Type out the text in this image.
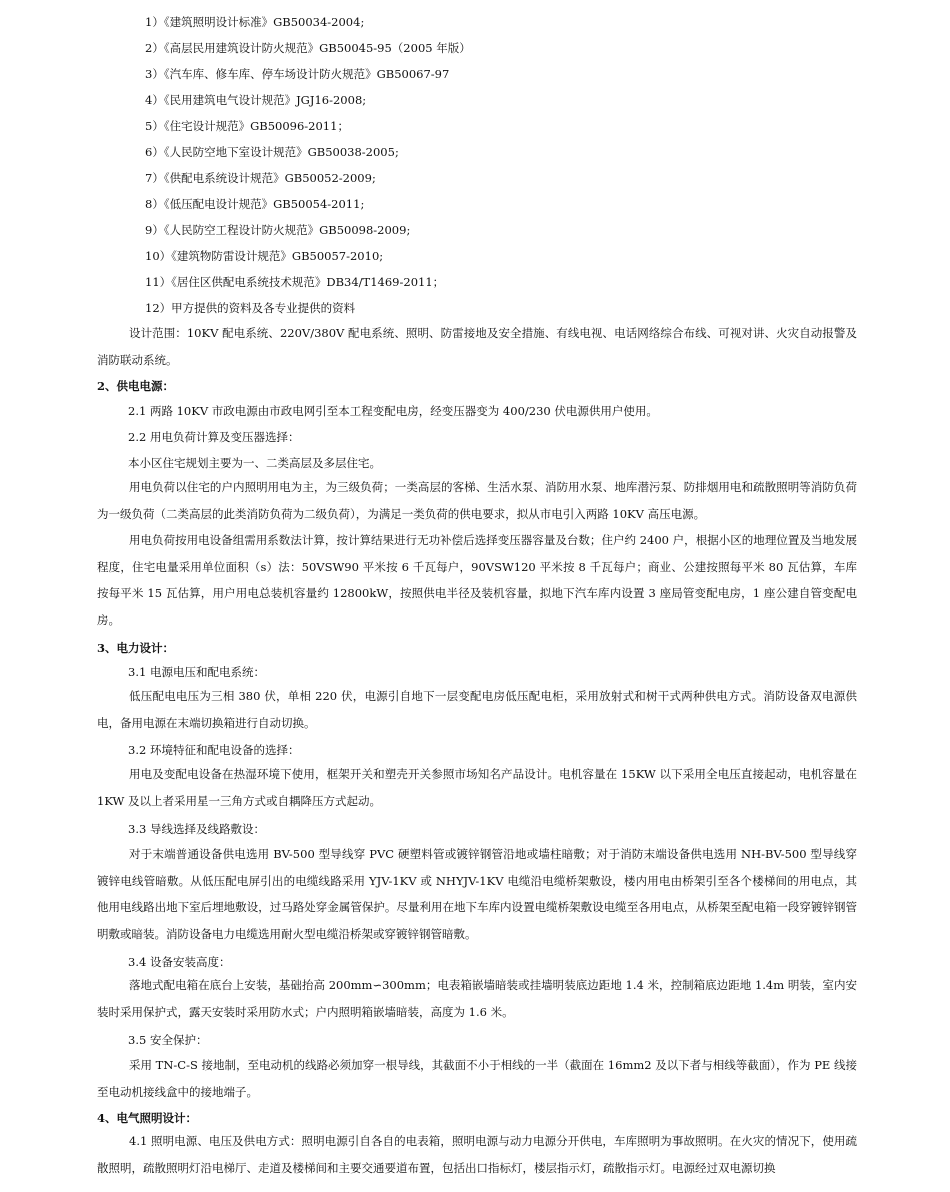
1）《建筑照明设计标准》GB50034-2004;
2）《高层民用建筑设计防火规范》GB50045-95（2005 年版）
3）《汽车库、修车库、停车场设计防火规范》GB50067-97
4）《民用建筑电气设计规范》JGJ16-2008;
5）《住宅设计规范》GB50096-2011；
6）《人民防空地下室设计规范》GB50038-2005;
7）《供配电系统设计规范》GB50052-2009;
8）《低压配电设计规范》GB50054-2011;
9）《人民防空工程设计防火规范》GB50098-2009;
10）《建筑物防雷设计规范》GB50057-2010;
11）《居住区供配电系统技术规范》DB34/T1469-2011；
12）甲方提供的资料及各专业提供的资料
设计范围：10KV 配电系统、220V/380V 配电系统、照明、防雷接地及安全措施、有线电视、电话网络综合布线、可视对讲、火灾自动报警及消防联动系统。
2、供电电源：
2.1 两路 10KV 市政电源由市政电网引至本工程变配电房，经变压器变为 400/230 伏电源供用户使用。
2.2 用电负荷计算及变压器选择：
本小区住宅规划主要为一、二类高层及多层住宅。
用电负荷以住宅的户内照明用电为主，为三级负荷；一类高层的客梯、生活水泵、消防用水泵、地库潜污泵、防排烟用电和疏散照明等消防负荷为一级负荷（二类高层的此类消防负荷为二级负荷），为满足一类负荷的供电要求，拟从市电引入两路 10KV 高压电源。
用电负荷按用电设备组需用系数法计算，按计算结果进行无功补偿后选择变压器容量及台数；住户约 2400 户，根据小区的地理位置及当地发展程度，住宅电量采用单位面积（s）法：50VSW90 平米按 6 千瓦每户，90VSW120 平米按 8 千瓦每户；商业、公建按照每平米 80 瓦估算，车库按每平米 15 瓦估算，用户用电总装机容量约 12800kW，按照供电半径及装机容量，拟地下汽车库内设置 3 座局管变配电房，1 座公建自管变配电房。
3、电力设计：
3.1 电源电压和配电系统：
低压配电电压为三相 380 伏，单相 220 伏，电源引自地下一层变配电房低压配电柜，采用放射式和树干式两种供电方式。消防设备双电源供电，备用电源在末端切换箱进行自动切换。
3.2 环境特征和配电设备的选择：
用电及变配电设备在热湿环境下使用，框架开关和塑壳开关参照市场知名产品设计。电机容量在 15KW 以下采用全电压直接起动，电机容量在 1KW 及以上者采用星一三角方式或自耦降压方式起动。
3.3 导线选择及线路敷设：
对于末端普通设备供电选用 BV-500 型导线穿 PVC 硬塑料管或镀锌钢管沿地或墙柱暗敷；对于消防末端设备供电选用 NH-BV-500 型导线穿镀锌电线管暗敷。从低压配电屏引出的电缆线路采用 YJV-1KV 或 NHYJV-1KV 电缆沿电缆桥架敷设，楼内用电由桥架引至各个楼梯间的用电点，其他用电线路出地下室后埋地敷设，过马路处穿金属管保护。尽量利用在地下车库内设置电缆桥架敷设电缆至各用电点，从桥架至配电箱一段穿镀锌钢管明敷或暗装。消防设备电力电缆选用耐火型电缆沿桥架或穿镀锌钢管暗敷。
3.4 设备安装高度：
落地式配电箱在底台上安装，基础抬高 200mm∽300mm；电表箱嵌墙暗装或挂墙明装底边距地 1.4 米，控制箱底边距地 1.4m 明装，室内安装时采用保护式，露天安装时采用防水式；户内照明箱嵌墙暗装，高度为 1.6 米。
3.5 安全保护：
采用 TN-C-S 接地制，至电动机的线路必须加穿一根导线，其截面不小于相线的一半（截面在 16mm2 及以下者与相线等截面），作为 PE 线接至电动机接线盒中的接地端子。
4、电气照明设计：
4.1 照明电源、电压及供电方式：照明电源引自各自的电表箱，照明电源与动力电源分开供电，车库照明为事故照明。在火灾的情况下，使用疏散照明，疏散照明灯沿电梯厅、走道及楼梯间和主要交通要道布置，包括出口指标灯，楼层指示灯，疏散指示灯。电源经过双电源切换
